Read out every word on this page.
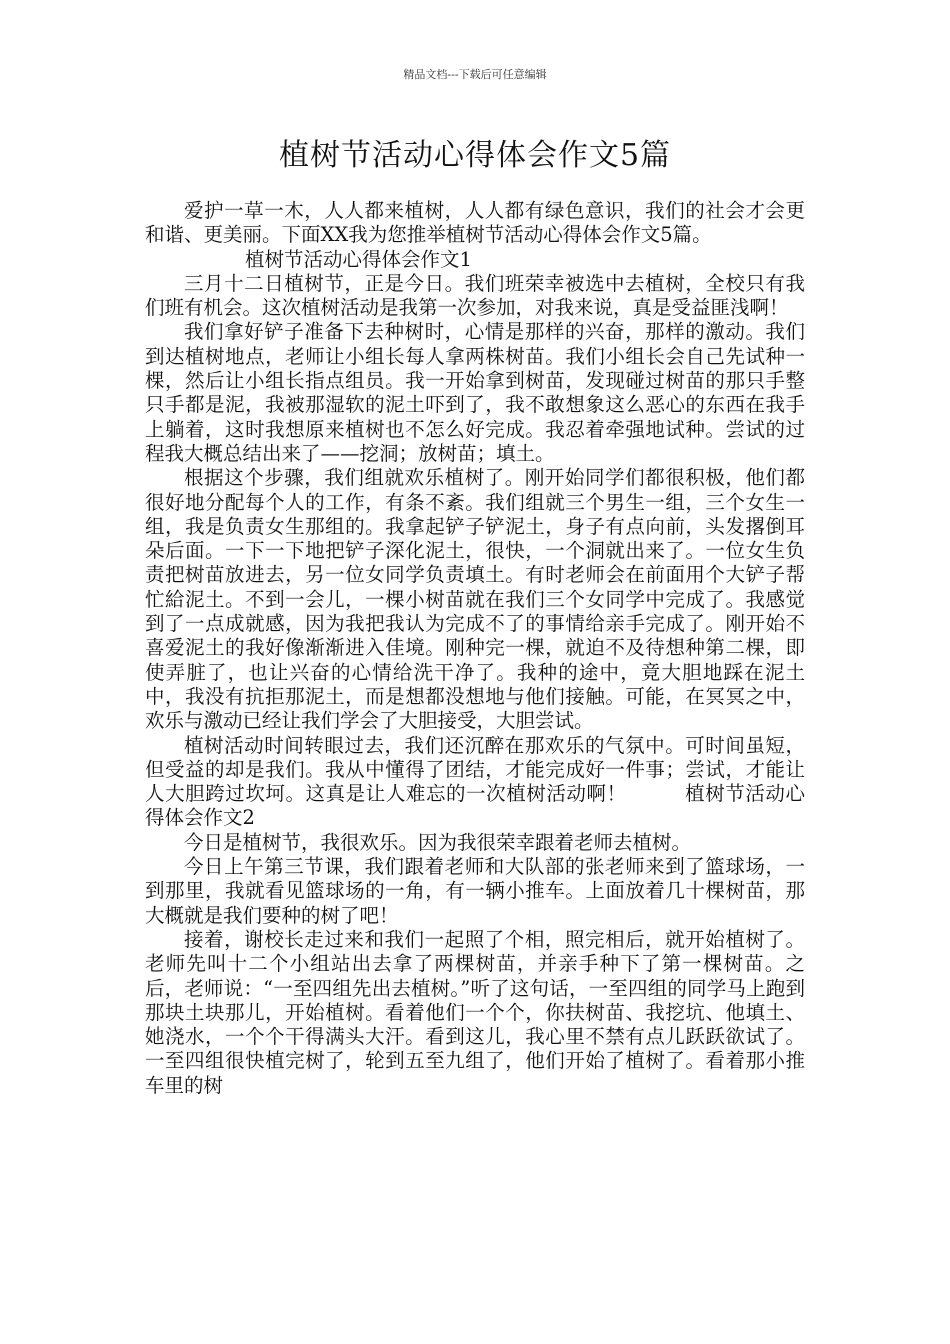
精品文档---下载后可任意编辑
植树节活动心得体会作文5篇

爱护一草一木，人人都来植树，人人都有绿色意识，我们的社会才会更和谐、更美丽。下面XX我为您推举植树节活动心得体会作文5篇。

植树节活动心得体会作文1

三月十二日植树节，正是今日。我们班荣幸被选中去植树，全校只有我们班有机会。这次植树活动是我第一次参加，对我来说，真是受益匪浅啊！

我们拿好铲子准备下去种树时，心情是那样的兴奋，那样的激动。我们到达植树地点，老师让小组长每人拿两株树苗。我们小组长会自己先试种一棵，然后让小组长指点组员。我一开始拿到树苗，发现碰过树苗的那只手整只手都是泥，我被那湿软的泥土吓到了，我不敢想象这么恶心的东西在我手上躺着，这时我想原来植树也不怎么好完成。我忍着牵强地试种。尝试的过程我大概总结出来了——挖洞；放树苗；填土。

根据这个步骤，我们组就欢乐植树了。刚开始同学们都很积极，他们都很好地分配每个人的工作，有条不紊。我们组就三个男生一组，三个女生一组，我是负责女生那组的。我拿起铲子铲泥土，身子有点向前，头发撂倒耳朵后面。一下一下地把铲子深化泥土，很快，一个洞就出来了。一位女生负责把树苗放进去，另一位女同学负责填土。有时老师会在前面用个大铲子帮忙給泥土。不到一会儿，一棵小树苗就在我们三个女同学中完成了。我感觉到了一点成就感，因为我把我认为完成不了的事情给亲手完成了。刚开始不喜爱泥土的我好像渐渐进入佳境。刚种完一棵，就迫不及待想种第二棵，即使弄脏了，也让兴奋的心情给洗干净了。我种的途中，竟大胆地踩在泥土中，我没有抗拒那泥土，而是想都没想地与他们接触。可能，在冥冥之中，欢乐与激动已经让我们学会了大胆接受，大胆尝试。

植树活动时间转眼过去，我们还沉醉在那欢乐的气氛中。可时间虽短，但受益的却是我们。我从中懂得了团结，才能完成好一件事；尝试，才能让人大胆跨过坎坷。这真是让人难忘的一次植树活动啊！	植树节活动心得体会作文2

今日是植树节，我很欢乐。因为我很荣幸跟着老师去植树。

今日上午第三节课，我们跟着老师和大队部的张老师来到了篮球场，一到那里，我就看见篮球场的一角，有一辆小推车。上面放着几十棵树苗，那大概就是我们要种的树了吧！

接着，谢校长走过来和我们一起照了个相，照完相后，就开始植树了。老师先叫十二个小组站出去拿了两棵树苗，并亲手种下了第一棵树苗。之后，老师说：“一至四组先出去植树。”听了这句话，一至四组的同学马上跑到那块土块那儿，开始植树。看着他们一个个，你扶树苗、我挖坑、他填土、她浇水，一个个干得满头大汗。看到这儿，我心里不禁有点儿跃跃欲试了。一至四组很快植完树了，轮到五至九组了，他们开始了植树了。看着那小推车里的树
